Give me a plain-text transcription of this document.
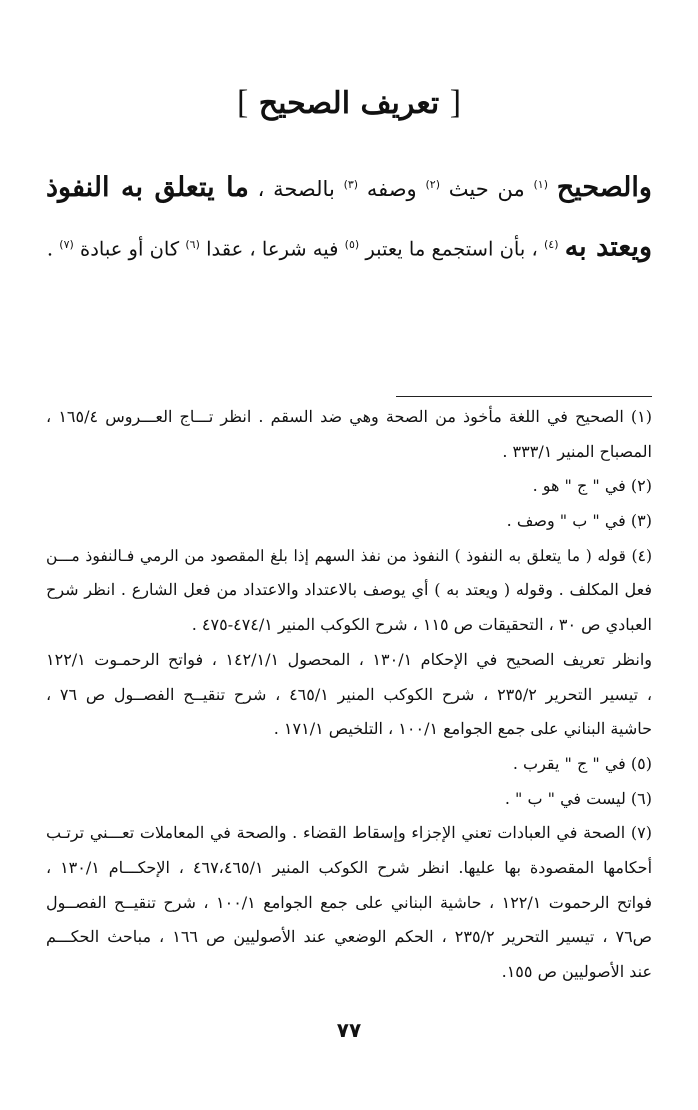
[ تعريف الصحيح ]
والصحيح $^{(١)}$ من حيث $^{(٢)}$ وصفه $^{(٣)}$ بالصحة ، ما يتعلق به النفوذ
ويعتد به $^{(٤)}$ ، بأن استجمع ما يعتبر $^{(٥)}$ فيه شرعا ، عقدا $^{(٦)}$ كان أو عبادة $^{(٧)}$ .
(١) الصحيح في اللغة مأخوذ من الصحة وهي ضد السقم . انظر تـــاج العـــروس ١٦٥/٤ ،
المصباح المنير ٣٣٣/١ .
(٢) في " ج " هو .
(٣) في " ب " وصف .
(٤) قوله ( ما يتعلق به النفوذ ) النفوذ من نفذ السهم إذا بلغ المقصود من الرمي فـالنفوذ مـــن
فعل المكلف . وقوله ( ويعتد به ) أي يوصف بالاعتداد والاعتداد من فعل الشارع . انظر شرح
العبادي ص ٣٠ ، التحقيقات ص ١١٥ ، شرح الكوكب المنير ٤٧٤/١-٤٧٥ .
وانظر تعريف الصحيح في الإحكام ١٣٠/١ ، المحصول ١٤٢/١/١ ، فواتح الرحمـوت ١٢٢/١
، تيسير التحرير ٢٣٥/٢ ، شرح الكوكب المنير ٤٦٥/١ ، شرح تنقيــح الفصــول ص ٧٦ ،
حاشية البناني على جمع الجوامع ١٠٠/١ ، التلخيص ١٧١/١ .
(٥) في " ج " يقرب .
(٦) ليست في " ب " .
(٧) الصحة في العبادات تعني الإجزاء وإسقاط القضاء . والصحة في المعاملات تعـــني ترتـب
أحكامها المقصودة بها عليها. انظر شرح الكوكب المنير ٤٦٧،٤٦٥/١ ، الإحكـــام ١٣٠/١ ،
فواتح الرحموت ١٢٢/١ ، حاشية البناني على جمع الجوامع ١٠٠/١ ، شرح تنقيــح الفصــول
ص٧٦ ، تيسير التحرير ٢٣٥/٢ ، الحكم الوضعي عند الأصوليين ص ١٦٦ ، مباحث الحكـــم
عند الأصوليين ص ١٥٥.
٧٧
